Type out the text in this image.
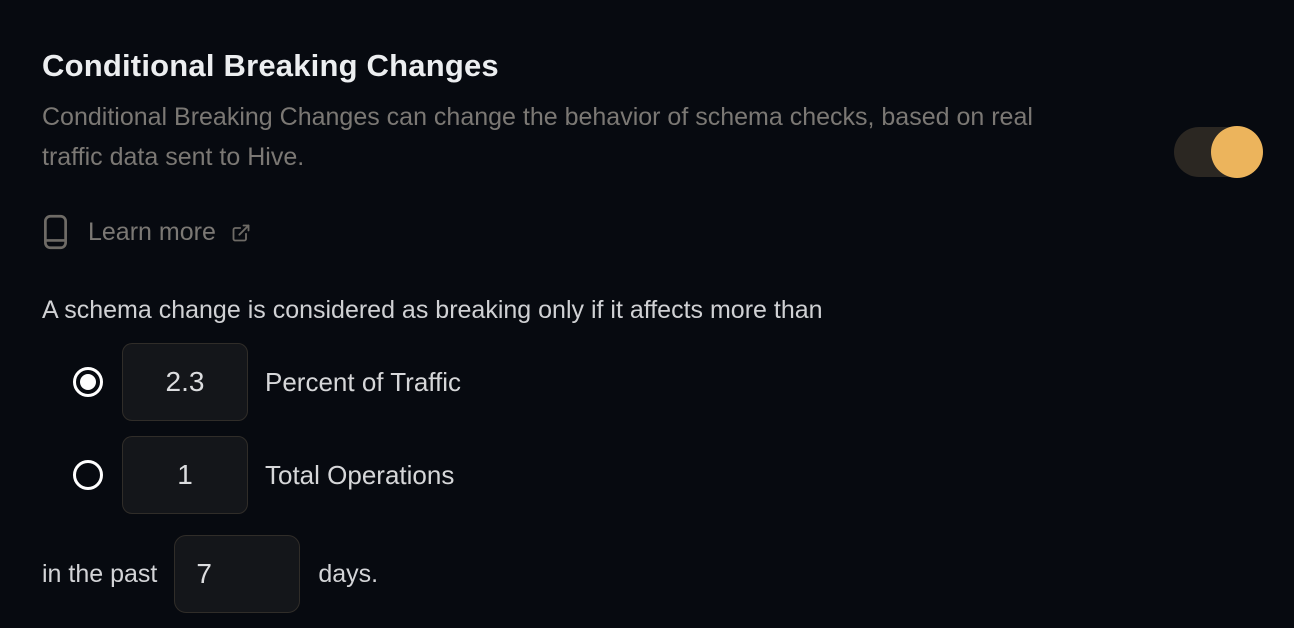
Conditional Breaking Changes

Conditional Breaking Changes can change the behavior of schema checks, based on real
traffic data sent to Hive.

Learn more

A schema change is considered as breaking only if it affects more than

2.3
Percent of Traffic
1
Total Operations
in the past
7	days.
